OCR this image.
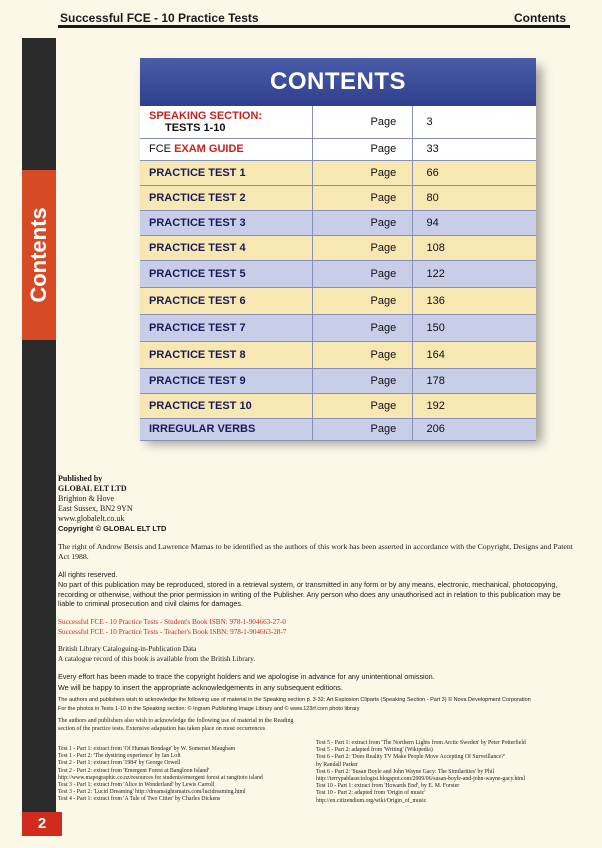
Successful FCE - 10 Practice Tests	Contents
Contents
2
CONTENTS
SPEAKING SECTION:
TESTS 1-10	Page	3
FCE EXAM GUIDE	Page	33
PRACTICE TEST 1	Page	66
PRACTICE TEST 2	Page	80
PRACTICE TEST 3	Page	94
PRACTICE TEST 4	Page	108
PRACTICE TEST 5	Page	122
PRACTICE TEST 6	Page	136
PRACTICE TEST 7	Page	150
PRACTICE TEST 8	Page	164
PRACTICE TEST 9	Page	178
PRACTICE TEST 10	Page	192
IRREGULAR VERBS	Page	206
Published by
GLOBAL ELT LTD
Brighton & Hove
East Sussex, BN2 9YN
www.globalelt.co.uk
Copyright © GLOBAL ELT LTD
The right of Andrew Betsis and Lawrence Mamas to be identified as the authors of this work has been asserted in accordance with the Copyright, Designs and Patent Act 1988.
All rights reserved.
No part of this publication may be reproduced, stored in a retrieval system, or transmitted in any form or by any means, electronic, mechanical, photocopying, recording or otherwise, without the prior permission in writing of the Publisher. Any person who does any unauthorised act in relation to this publication may be liable to criminal prosecution and civil claims for damages.
Successful FCE - 10 Practice Tests - Student's Book ISBN: 978-1-904663-27-0
Successful FCE - 10 Practice Tests - Teacher's Book ISBN: 978-1-904663-28-7
British Library Cataloguing-in-Publication Data
A catalogue record of this book is available from the British Library.
Every effort has been made to trace the copyright holders and we apologise in advance for any unintentional omission.
We will be happy to insert the appropriate acknowledgements in any subsequent editions.
The authors and publishers wish to acknowledge the following use of material in the Speaking section p. 3-32: Art Explosion Cliparts (Speaking Section - Part 3) © Nova Development Corporation
For the photos in Tests 1-10 in the Speaking section: © Ingram Publishing Image Library and © www.123rf.com photo library
The authors and publishers also wish to acknowledge the following use of material in the Reading section of the practice tests. Extensive adaptation has taken place on most occurrences
Test 1 - Part 1: extract from 'Of Human Bondage' by W. Somerset Maugham
Test 1 - Part 2: 'The dystiring experience' by Ian Loft
Test 2 - Part 1: extract from '1984' by George Orwell
Test 2 - Part 2: extract from 'Emergent Forest at Bangloon Island'
http://www.mapographic.co.nz/resources for students/emergent forest at rangitoto island
Test 3 - Part 1: extract from 'Alice in Wonderland' by Lewis Carroll
Test 3 - Part 2: 'Lucid Dreaming' http://dreamsightsmatrs.com/lucidreaming.html
Test 4 - Part 1: extract from 'A Tale of Two Cities' by Charles Dickens
Test 5 - Part 1: extract from 'The Northern Lights from Arctic Sweden' by Peter Potterfield
Test 5 - Part 2: adapted from 'Writing' (Wikipedia)
Test 6 - Part 2: 'Does Reality TV Make People Move Accepting Of Surveillance?'
by Randall Parker
Test 6 - Part 2: 'Susan Boyle and John Wayne Gacy: The Similarities' by Phil
http://terrypablaseciologist.blogspot.com/2009/06/susan-boyle-and-john-wayne-gacy.html
Test 10 - Part 1: extract from 'Howards End', by E. M. Forster
Test 10 - Part 2: adapted from 'Origin of music'
http://en.citizendium.org/wiki/Origin_of_music
